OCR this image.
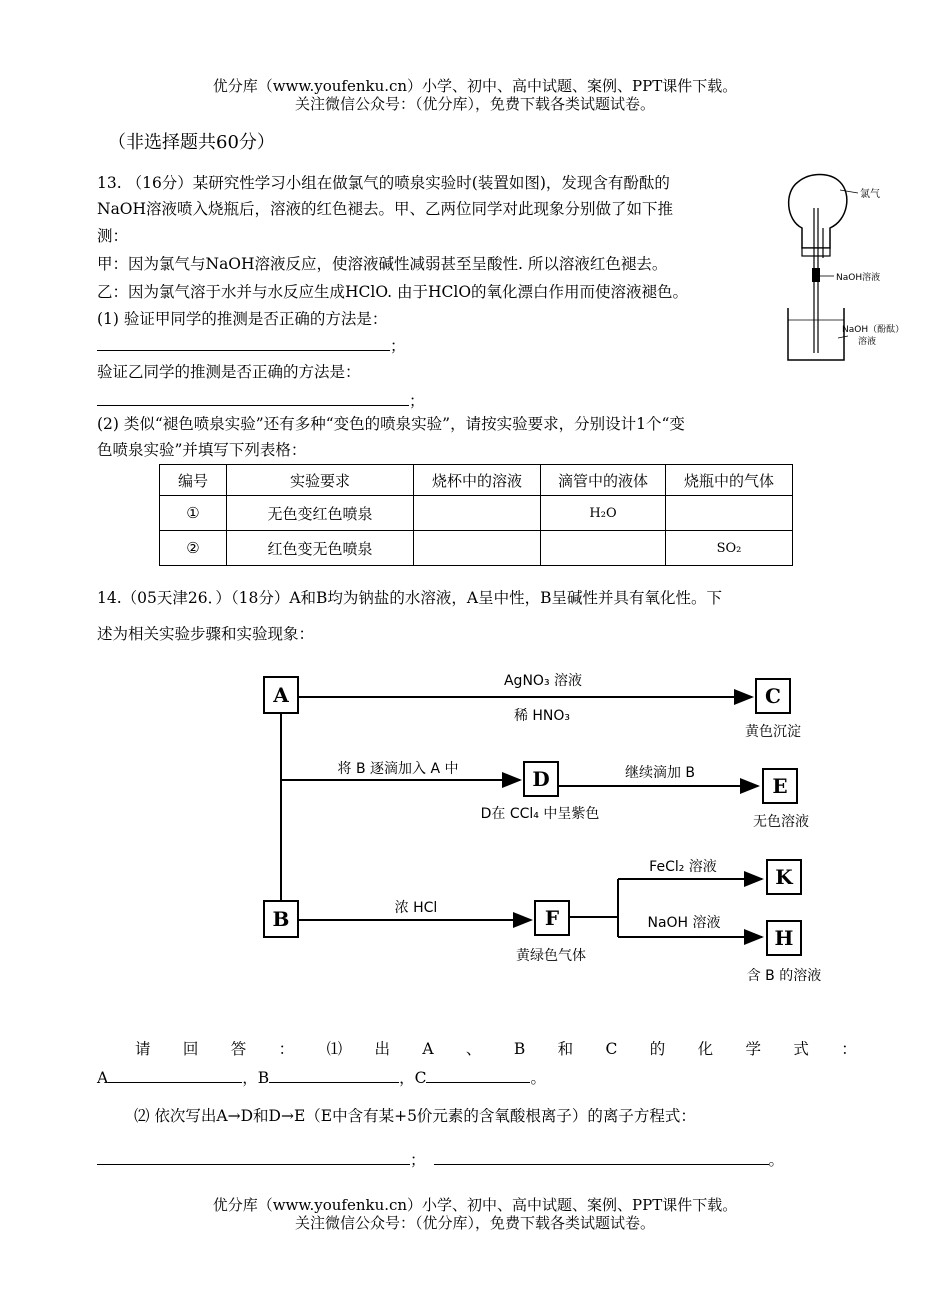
优分库（www.youfenku.cn）小学、初中、高中试题、案例、PPT课件下载。
关注微信公众号：（优分库），免费下载各类试题试卷。
（非选择题共60分）
13. （16分）某研究性学习小组在做氯气的喷泉实验时(装置如图)，发现含有酚酞的
NaOH溶液喷入烧瓶后，溶液的红色褪去。甲、乙两位同学对此现象分别做了如下推
测：
甲：因为氯气与NaOH溶液反应，使溶液碱性减弱甚至呈酸性. 所以溶液红色褪去。
乙：因为氯气溶于水并与水反应生成HClO. 由于HClO的氧化漂白作用而使溶液褪色。
(1) 验证甲同学的推测是否正确的方法是：
；
验证乙同学的推测是否正确的方法是：
；
(2) 类似“褪色喷泉实验”还有多种“变色的喷泉实验”，请按实验要求，分别设计1个“变
色喷泉实验”并填写下列表格：
氯气
NaOH溶液
NaOH（酚酞）
溶液
编号	实验要求	烧杯中的溶液	滴管中的液体	烧瓶中的气体
①	无色变红色喷泉		H₂O	
②	红色变无色喷泉			SO₂
14.（05天津26．）（18分）A和B均为钠盐的水溶液，A呈中性，B呈碱性并具有氧化性。下
述为相关实验步骤和实验现象：
A	C
D	E
B	F
K
H
AgNO₃ 溶液
稀 HNO₃
黄色沉淀
将 B 逐滴加入 A 中
D在 CCl₄ 中呈紫色
继续滴加 B
无色溶液
浓 HCl
黄绿色气体
FeCl₂ 溶液
NaOH 溶液
含 B 的溶液
请 回 答 ： ⑴ 出 A 、 B 和 C 的 化 学 式 ：
A	，B	，C	。
⑵ 依次写出A→D和D→E（E中含有某+5价元素的含氧酸根离子）的离子方程式：
；	。
优分库（www.youfenku.cn）小学、初中、高中试题、案例、PPT课件下载。
关注微信公众号：（优分库），免费下载各类试题试卷。
